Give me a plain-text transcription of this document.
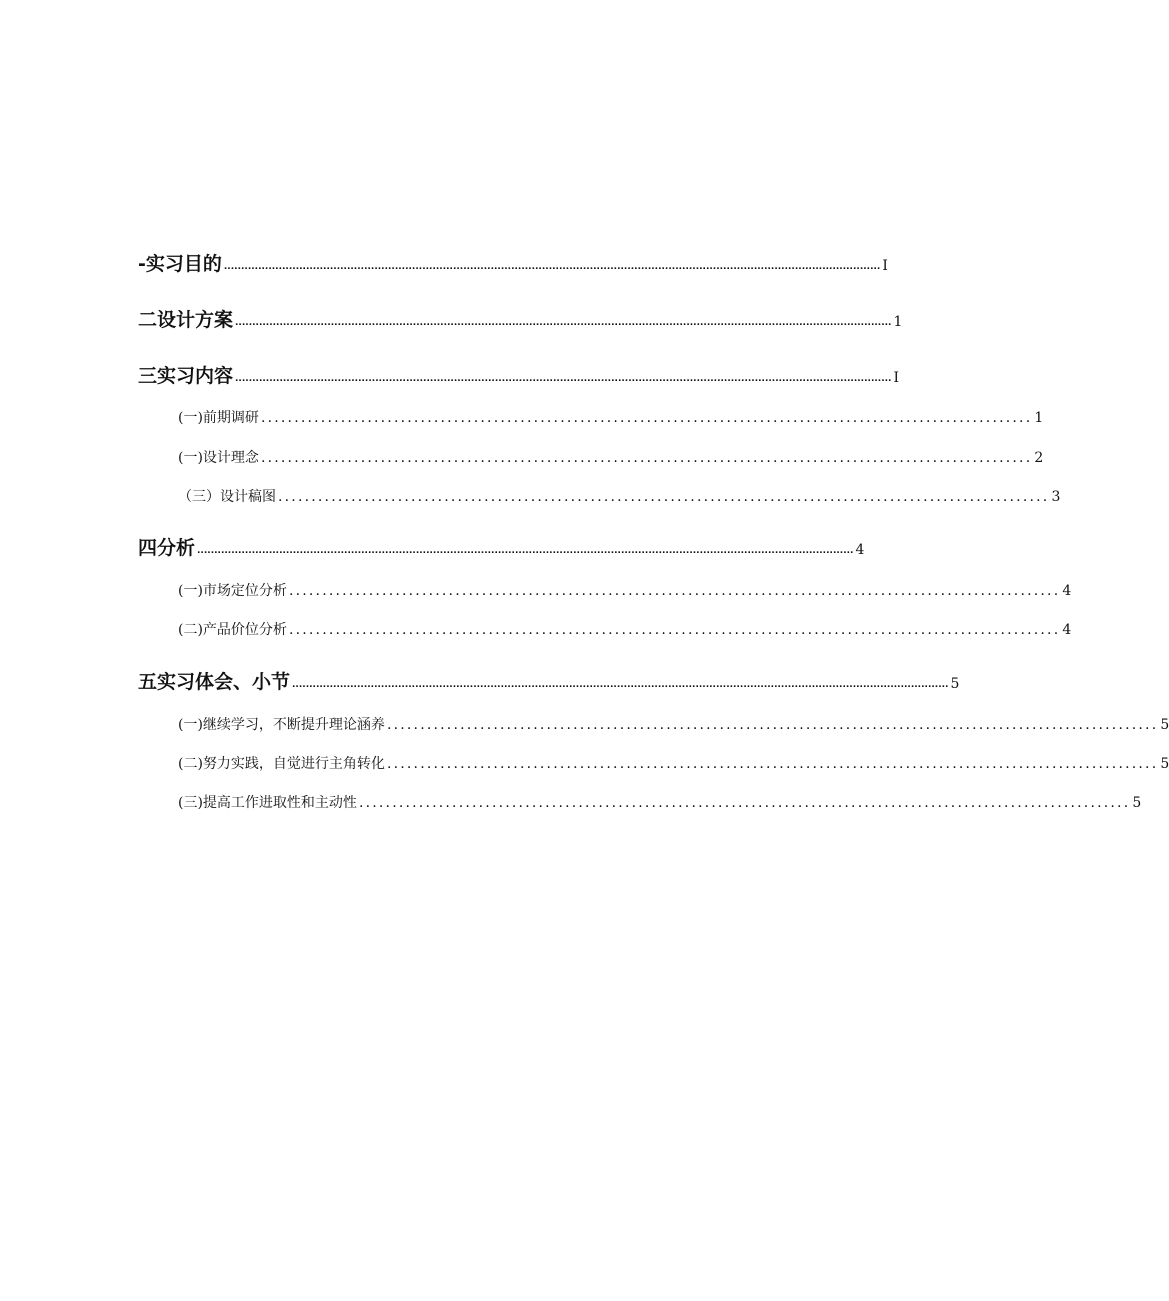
-实习目的 ................................................................................................................................................................................................ I
二设计方案 ................................................................................................................................................................................................ 1
三实习内容 ................................................................................................................................................................................................ I
(一)前期调研 .................................................................................................................... 1
(一)设计理念 .................................................................................................................... 2
（三）设计稿图 .................................................................................................................... 3
四分析 ................................................................................................................................................................................................ 4
(一)市场定位分析 .................................................................................................................... 4
(二)产品价位分析 .................................................................................................................... 4
五实习体会、小节 ................................................................................................................................................................................................ 5
(一)继续学习，不断提升理论涵养 .................................................................................................................... 5
(二)努力实践，自觉进行主角转化 .................................................................................................................... 5
(三)提高工作进取性和主动性 .................................................................................................................... 5
